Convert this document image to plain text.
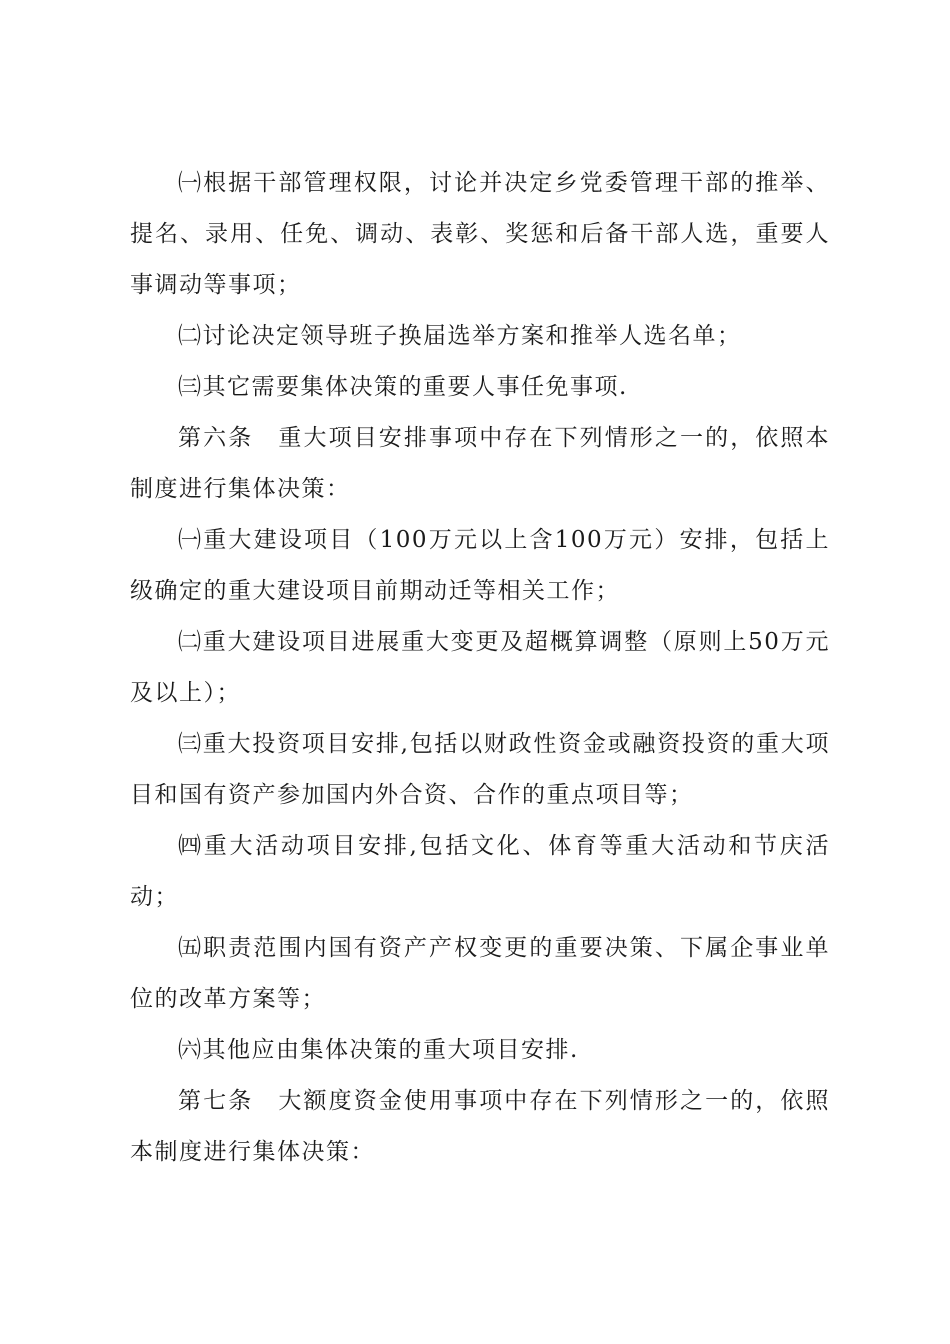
㈠根据干部管理权限，讨论并决定乡党委管理干部的推举、提名、录用、任免、调动、表彰、奖惩和后备干部人选，重要人事调动等事项；

㈡讨论决定领导班子换届选举方案和推举人选名单；

㈢其它需要集体决策的重要人事任免事项.

第六条　重大项目安排事项中存在下列情形之一的，依照本制度进行集体决策：

㈠重大建设项目（100万元以上含100万元）安排，包括上级确定的重大建设项目前期动迁等相关工作；

㈡重大建设项目进展重大变更及超概算调整（原则上50万元及以上）；

㈢重大投资项目安排,包括以财政性资金或融资投资的重大项目和国有资产参加国内外合资、合作的重点项目等；

㈣重大活动项目安排,包括文化、体育等重大活动和节庆活动；

㈤职责范围内国有资产产权变更的重要决策、下属企事业单位的改革方案等；

㈥其他应由集体决策的重大项目安排.

第七条　大额度资金使用事项中存在下列情形之一的，依照本制度进行集体决策：
